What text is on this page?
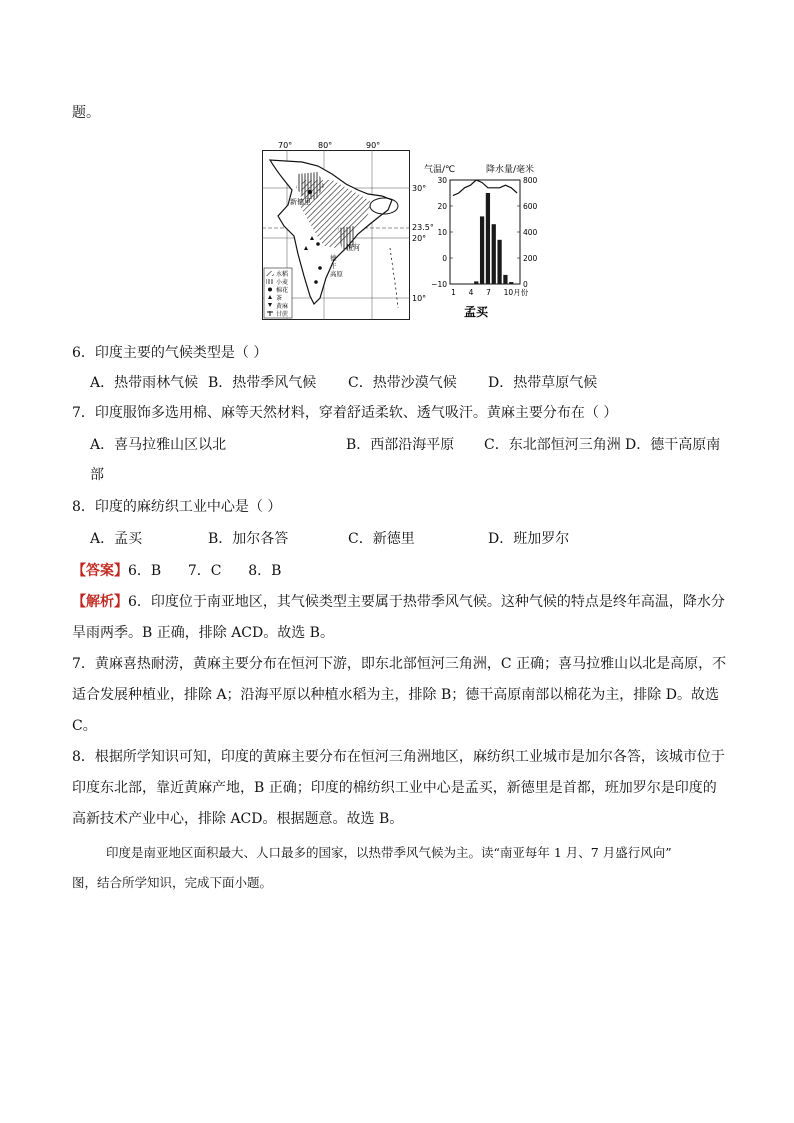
题。
新德里
恒河
德
干
高原
水稻
小麦
棉花
茶
黄麻
甘蔗
70°	80°	90°
30°
23.5°
20°
10°
气温/℃	降水量/毫米
30
20
10
0
−10
800
600
400
200
0
1 4 7 10月份
孟买
6．印度主要的气候类型是（ ）
A．热带雨林气候 B．热带季风气候 C．热带沙漠气候 D．热带草原气候
7．印度服饰多选用棉、麻等天然材料，穿着舒适柔软、透气吸汗。黄麻主要分布在（ ）
A．喜马拉雅山区以北	B．西部沿海平原 C．东北部恒河三角洲 D．德干高原南
部
8．印度的麻纺织工业中心是（ ）
A．孟买	B．加尔各答	C．新德里	D．班加罗尔
【答案】6．B      7．C      8．B
【解析】6．印度位于南亚地区，其气候类型主要属于热带季风气候。这种气候的特点是终年高温，降水分
旱雨两季。B 正确，排除 ACD。故选 B。
7．黄麻喜热耐涝，黄麻主要分布在恒河下游，即东北部恒河三角洲，C 正确；喜马拉雅山以北是高原，不
适合发展种植业，排除 A；沿海平原以种植水稻为主，排除 B；德干高原南部以棉花为主，排除 D。故选
C。
8．根据所学知识可知，印度的黄麻主要分布在恒河三角洲地区，麻纺织工业城市是加尔各答，该城市位于
印度东北部，靠近黄麻产地，B 正确；印度的棉纺织工业中心是孟买，新德里是首都，班加罗尔是印度的
高新技术产业中心，排除 ACD。根据题意。故选 B。
印度是南亚地区面积最大、人口最多的国家，以热带季风气候为主。读“南亚每年 1 月、7 月盛行风向”
图，结合所学知识，完成下面小题。
